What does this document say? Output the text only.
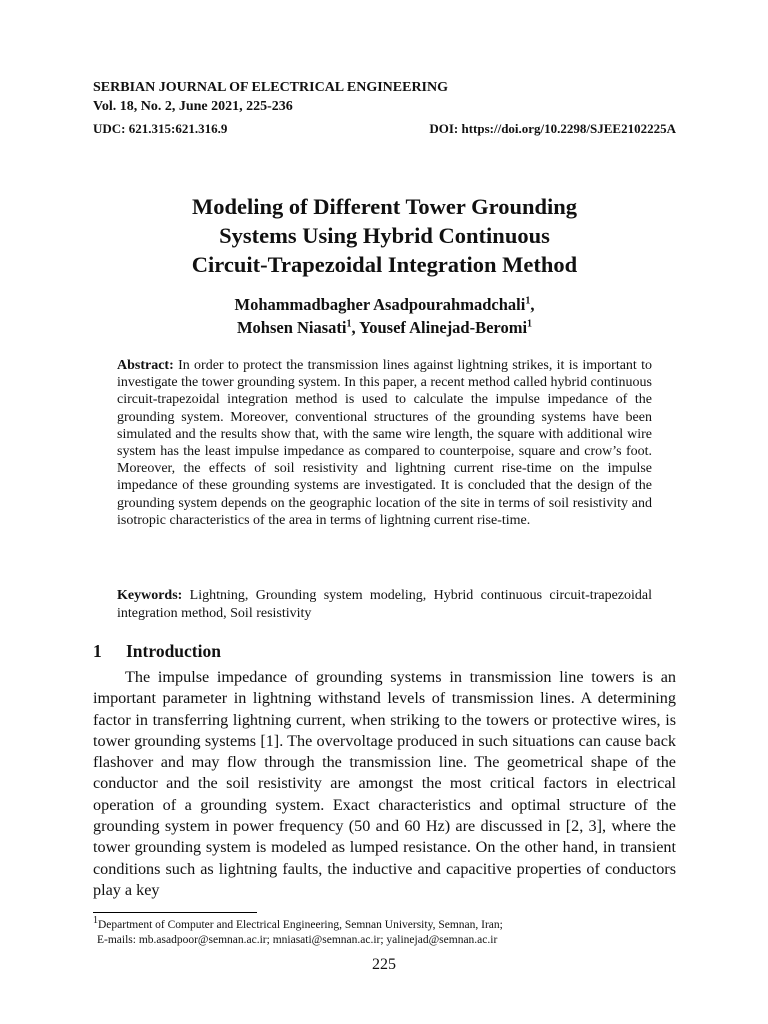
SERBIAN JOURNAL OF ELECTRICAL ENGINEERING
Vol. 18, No. 2, June 2021, 225-236
UDC: 621.315:621.316.9	DOI: https://doi.org/10.2298/SJEE2102225A
Modeling of Different Tower Grounding
Systems Using Hybrid Continuous
Circuit-Trapezoidal Integration Method
Mohammadbagher Asadpourahmadchali$^1$,
Mohsen Niasati$^1$, Yousef Alinejad-Beromi$^1$
Abstract: In order to protect the transmission lines against lightning strikes, it is important to investigate the tower grounding system. In this paper, a recent method called hybrid continuous circuit-trapezoidal integration method is used to calculate the impulse impedance of the grounding system. Moreover, conventional structures of the grounding systems have been simulated and the results show that, with the same wire length, the square with additional wire system has the least impulse impedance as compared to counterpoise, square and crow’s foot. Moreover, the effects of soil resistivity and lightning current rise-time on the impulse impedance of these grounding systems are investigated. It is concluded that the design of the grounding system depends on the geographic location of the site in terms of soil resistivity and isotropic characteristics of the area in terms of lightning current rise-time.
Keywords: Lightning, Grounding system modeling, Hybrid continuous circuit-trapezoidal integration method, Soil resistivity
1 Introduction
The impulse impedance of grounding systems in transmission line towers is an important parameter in lightning withstand levels of transmission lines. A determining factor in transferring lightning current, when striking to the towers or protective wires, is tower grounding systems [1]. The overvoltage produced in such situations can cause back flashover and may flow through the transmission line. The geometrical shape of the conductor and the soil resistivity are amongst the most critical factors in electrical operation of a grounding system. Exact characteristics and optimal structure of the grounding system in power frequency (50 and 60 Hz) are discussed in [2, 3], where the tower grounding system is modeled as lumped resistance. On the other hand, in transient conditions such as lightning faults, the inductive and capacitive properties of conductors play a key
$^1$Department of Computer and Electrical Engineering, Semnan University, Semnan, Iran;
E-mails: mb.asadpoor@semnan.ac.ir; mniasati@semnan.ac.ir; yalinejad@semnan.ac.ir
225
